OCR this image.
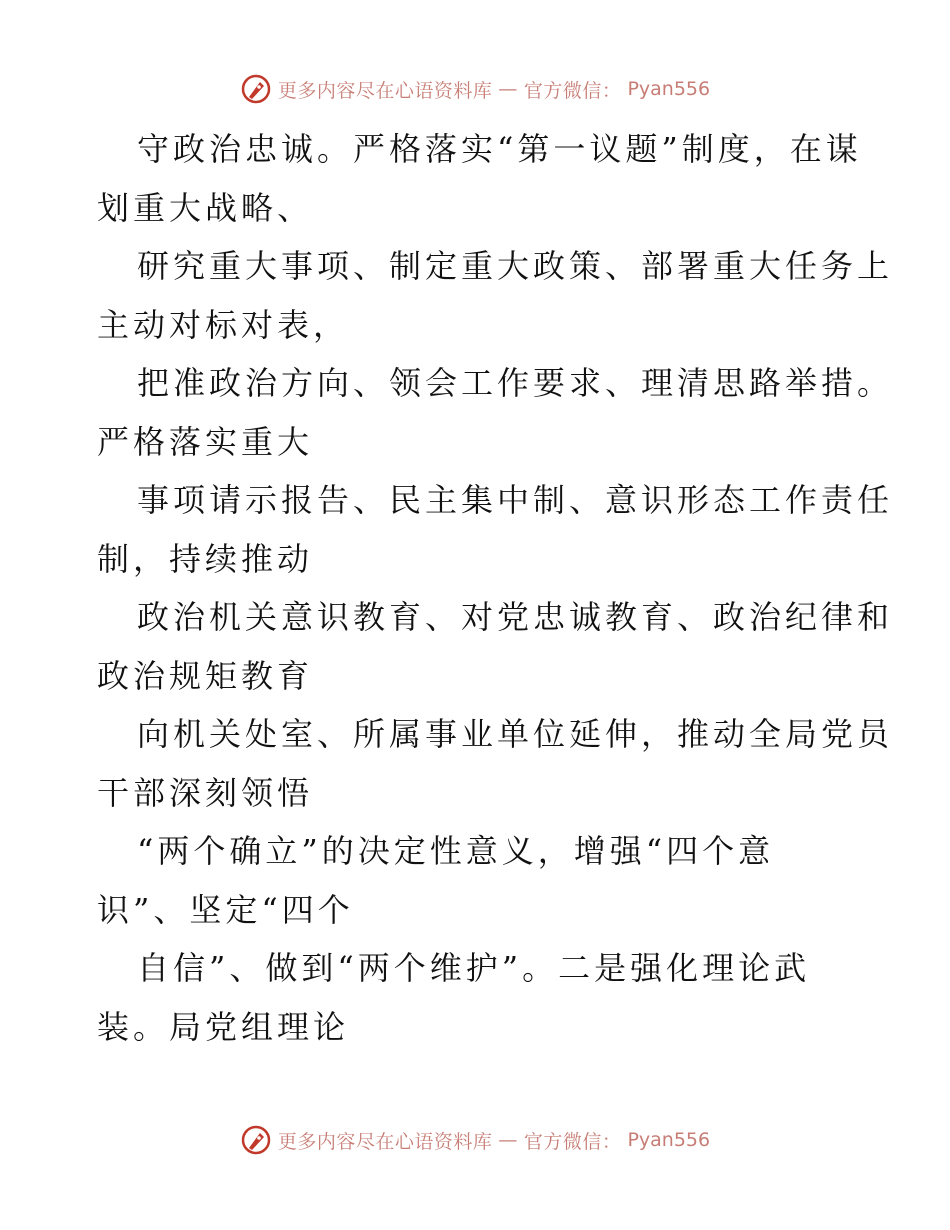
更多内容尽在心语资料库 — 官方微信： Pyan556
守政治忠诚。严格落实“第一议题”制度，在谋
划重大战略、
研究重大事项、制定重大政策、部署重大任务上
主动对标对表，
把准政治方向、领会工作要求、理清思路举措。
严格落实重大
事项请示报告、民主集中制、意识形态工作责任
制，持续推动
政治机关意识教育、对党忠诚教育、政治纪律和
政治规矩教育
向机关处室、所属事业单位延伸，推动全局党员
干部深刻领悟
“两个确立”的决定性意义，增强“四个意
识”、坚定“四个
自信”、做到“两个维护”。二是强化理论武
装。局党组理论
更多内容尽在心语资料库 — 官方微信： Pyan556
